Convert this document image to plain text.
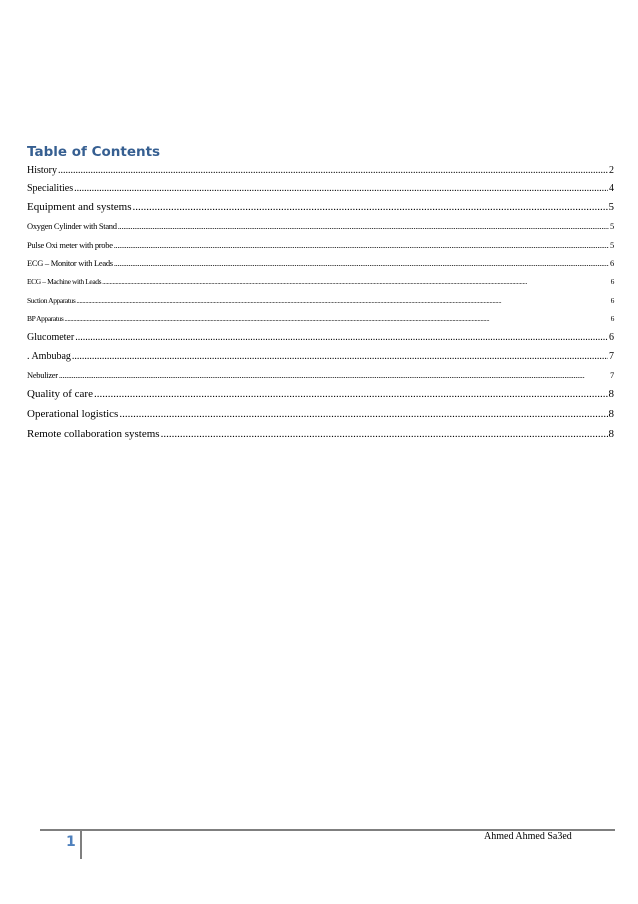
Table of Contents
History .....	2
Specialities .....	4
Equipment and systems .....	5
Oxygen Cylinder with Stand .....	5
Pulse Oxi meter with probe .....	5
ECG – Monitor with Leads .....	6
ECG – Machine with Leads .....	6
Suction Apparatus .....	6
BP Apparatus .....	6
Glucometer .....	6
. Ambubag .....	7
Nebulizer .....	7
Quality of care .....	8
Operational logistics .....	8
Remote collaboration systems .....	8
1	Ahmed Ahmed Sa3ed
